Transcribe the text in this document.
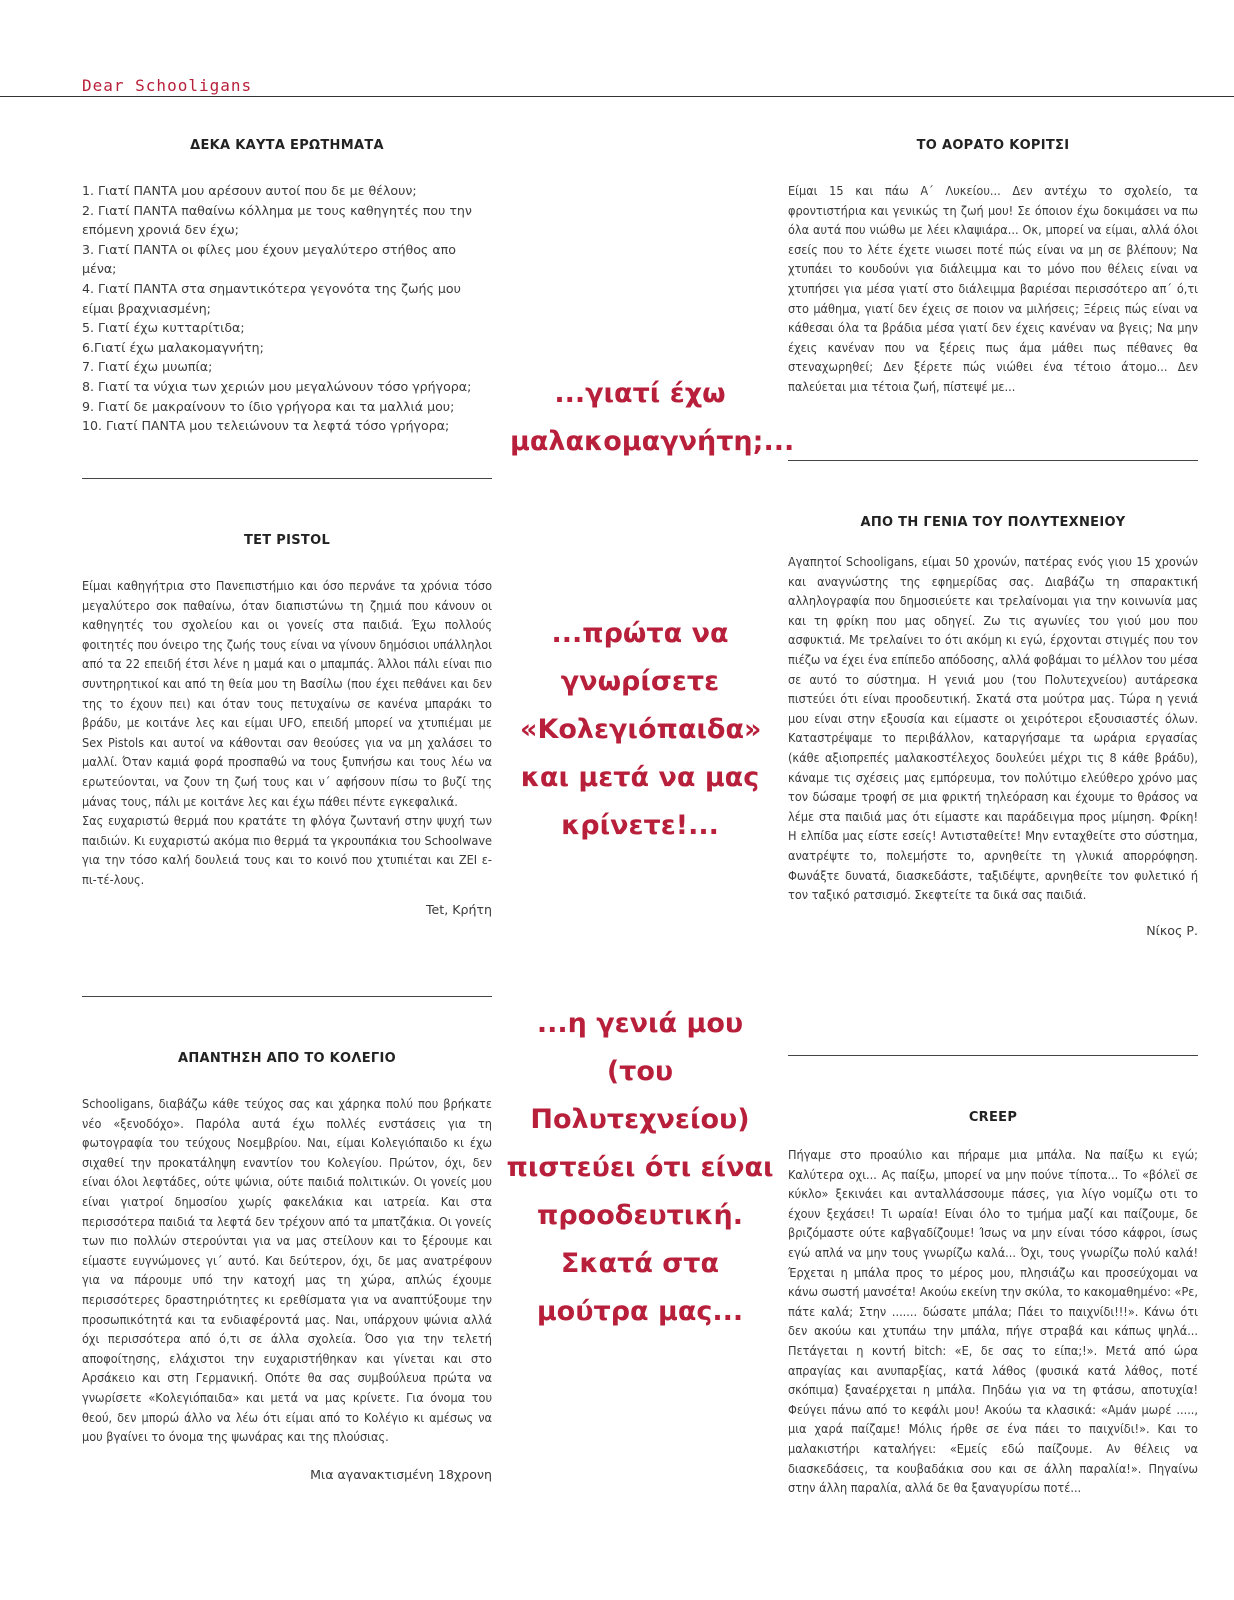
Dear Schooligans
ΔΕΚΑ ΚΑΥΤΑ ΕΡΩΤΗΜΑΤΑ
1. Γιατί ΠΑΝΤΑ μου αρέσουν αυτοί που δε με θέλουν;
2. Γιατί ΠΑΝΤΑ παθαίνω κόλλημα με τους καθηγητές που την επόμενη χρονιά δεν έχω;
3. Γιατί ΠΑΝΤΑ οι φίλες μου έχουν μεγαλύτερο στήθος απο μένα;
4. Γιατί ΠΑΝΤΑ στα σημαντικότερα γεγονότα της ζωής μου είμαι βραχνιασμένη;
5. Γιατί έχω κυτταρίτιδα;
6.Γιατί έχω μαλακομαγνήτη;
7. Γιατί έχω μυωπία;
8. Γιατί τα νύχια των χεριών μου μεγαλώνουν τόσο γρήγορα;
9. Γιατί δε μακραίνουν το ίδιο γρήγορα και τα μαλλιά μου;
10. Γιατί ΠΑΝΤΑ μου τελειώνουν τα λεφτά τόσο γρήγορα;
TET PISTOL

Είμαι καθηγήτρια στο Πανεπιστήμιο και όσο περνάνε τα χρόνια τόσο μεγαλύτερο σοκ παθαίνω, όταν διαπιστώνω τη ζημιά που κάνουν οι καθηγητές του σχολείου και οι γονείς στα παιδιά. Έχω πολλούς φοιτητές που όνειρο της ζωής τους είναι να γίνουν δημόσιοι υπάλληλοι από τα 22 επειδή έτσι λένε η μαμά και ο μπαμπάς. Άλλοι πάλι είναι πιο συντηρητικοί και από τη θεία μου τη Βασίλω (που έχει πεθάνει και δεν της το έχουν πει) και όταν τους πετυχαίνω σε κανένα μπαράκι το βράδυ, με κοιτάνε λες και είμαι UFO, επειδή μπορεί να χτυπιέμαι με Sex Pistols και αυτοί να κάθονται σαν θεούσες για να μη χαλάσει το μαλλί. Όταν καμιά φορά προσπαθώ να τους ξυπνήσω και τους λέω να ερωτεύονται, να ζουν τη ζωή τους και ν΄ αφήσουν πίσω το βυζί της μάνας τους, πάλι με κοιτάνε λες και έχω πάθει πέντε εγκεφαλικά.

Σας ευχαριστώ θερμά που κρατάτε τη φλόγα ζωντανή στην ψυχή των παιδιών. Κι ευχαριστώ ακόμα πιο θερμά τα γκρουπάκια του Schoolwave για την τόσο καλή δουλειά τους και το κοινό που χτυπιέται και ΖΕΙ ε-πι-τέ-λους.

Tet, Κρήτη
ΑΠΑΝΤΗΣΗ ΑΠΟ ΤΟ ΚΟΛΕΓΙΟ
Schooligans, διαβάζω κάθε τεύχος σας και χάρηκα πολύ που βρήκατε νέο «ξενοδόχο». Παρόλα αυτά έχω πολλές ενστάσεις για τη φωτογραφία του τεύχους Νοεμβρίου. Ναι, είμαι Κολεγιόπαιδο κι έχω σιχαθεί την προκατάληψη εναντίον του Κολεγίου. Πρώτον, όχι, δεν είναι όλοι λεφτάδες, ούτε ψώνια, ούτε παιδιά πολιτικών. Οι γονείς μου είναι γιατροί δημοσίου χωρίς φακελάκια και ιατρεία. Και στα περισσότερα παιδιά τα λεφτά δεν τρέχουν από τα μπατζάκια. Οι γονείς των πιο πολλών στερούνται για να μας στείλουν και το ξέρουμε και είμαστε ευγνώμονες γι΄ αυτό. Και δεύτερον, όχι, δε μας ανατρέφουν για να πάρουμε υπό την κατοχή μας τη χώρα, απλώς έχουμε περισσότερες δραστηριότητες κι ερεθίσματα για να αναπτύξουμε την προσωπικότητά και τα ενδιαφέροντά μας. Ναι, υπάρχουν ψώνια αλλά όχι περισσότερα από ό,τι σε άλλα σχολεία. Όσο για την τελετή αποφοίτησης, ελάχιστοι την ευχαριστήθηκαν και γίνεται και στο Αρσάκειο και στη Γερμανική. Οπότε θα σας συμβούλευα πρώτα να γνωρίσετε «Κολεγιόπαιδα» και μετά να μας κρίνετε. Για όνομα του θεού, δεν μπορώ άλλο να λέω ότι είμαι από το Κολέγιο κι αμέσως να μου βγαίνει το όνομα της ψωνάρας και της πλούσιας.
Μια αγανακτισμένη 18χρονη
...γιατί έχω μαλακομαγνήτη;...
...πρώτα να γνωρίσετε «Κολεγιόπαιδα» και μετά να μας κρίνετε!...
...η γενιά μου (του Πολυτεχνείου) πιστεύει ότι είναι προοδευτική. Σκατά στα μούτρα μας...
ΤΟ ΑΟΡΑΤΟ ΚΟΡΙΤΣΙ
Είμαι 15 και πάω Α΄ Λυκείου... Δεν αντέχω το σχολείο, τα φροντιστήρια και γενικώς τη ζωή μου! Σε όποιον έχω δοκιμάσει να πω όλα αυτά που νιώθω με λέει κλαψιάρα... Οκ, μπορεί να είμαι, αλλά όλοι εσείς που το λέτε έχετε νιωσει ποτέ πώς είναι να μη σε βλέπουν; Να χτυπάει το κουδούνι για διάλειμμα και το μόνο που θέλεις είναι να χτυπήσει για μέσα γιατί στο διάλειμμα βαριέσαι περισσότερο απ΄ ό,τι στο μάθημα, γιατί δεν έχεις σε ποιον να μιλήσεις; Ξέρεις πώς είναι να κάθεσαι όλα τα βράδια μέσα γιατί δεν έχεις κανέναν να βγεις; Να μην έχεις κανέναν που να ξέρεις πως άμα μάθει πως πέθανες θα στεναχωρηθεί; Δεν ξέρετε πώς νιώθει ένα τέτοιο άτομο... Δεν παλεύεται μια τέτοια ζωή, πίστεψέ με...
ΑΠΟ ΤΗ ΓΕΝΙΑ ΤΟΥ ΠΟΛΥΤΕΧΝΕΙΟΥ
Αγαπητοί Schooligans, είμαι 50 χρονών, πατέρας ενός γιου 15 χρονών και αναγνώστης της εφημερίδας σας. Διαβάζω τη σπαρακτική αλληλογραφία που δημοσιεύετε και τρελαίνομαι για την κοινωνία μας και τη φρίκη που μας οδηγεί. Ζω τις αγωνίες του γιού μου που ασφυκτιά. Με τρελαίνει το ότι ακόμη κι εγώ, έρχονται στιγμές που τον πιέζω να έχει ένα επίπεδο απόδοσης, αλλά φοβάμαι το μέλλον του μέσα σε αυτό το σύστημα. Η γενιά μου (του Πολυτεχνείου) αυτάρεσκα πιστεύει ότι είναι προοδευτική. Σκατά στα μούτρα μας. Τώρα η γενιά μου είναι στην εξουσία και είμαστε οι χειρότεροι εξουσιαστές όλων. Καταστρέψαμε το περιβάλλον, καταργήσαμε τα ωράρια εργασίας (κάθε αξιοπρεπές μαλακοστέλεχος δουλεύει μέχρι τις 8 κάθε βράδυ), κάναμε τις σχέσεις μας εμπόρευμα, τον πολύτιμο ελεύθερο χρόνο μας τον δώσαμε τροφή σε μια φρικτή τηλεόραση και έχουμε το θράσος να λέμε στα παιδιά μας ότι είμαστε και παράδειγμα προς μίμηση. Φρίκη! Η ελπίδα μας είστε εσείς! Αντισταθείτε! Μην ενταχθείτε στο σύστημα, ανατρέψτε το, πολεμήστε το, αρνηθείτε τη γλυκιά απορρόφηση. Φωνάξτε δυνατά, διασκεδάστε, ταξιδέψτε, αρνηθείτε τον φυλετικό ή τον ταξικό ρατσισμό. Σκεφτείτε τα δικά σας παιδιά.
Νίκος Ρ.
CREEP
Πήγαμε στο προαύλιο και πήραμε μια μπάλα. Να παίξω κι εγώ; Καλύτερα οχι... Ας παίξω, μπορεί να μην πούνε τίποτα... Το «βόλεϊ σε κύκλο» ξεκινάει και ανταλλάσσουμε πάσες, για λίγο νομίζω οτι το έχουν ξεχάσει! Τι ωραία! Είναι όλο το τμήμα μαζί και παίζουμε, δε βριζόμαστε ούτε καβγαδίζουμε! Ίσως να μην είναι τόσο κάφροι, ίσως εγώ απλά να μην τους γνωρίζω καλά... Όχι, τους γνωρίζω πολύ καλά! Έρχεται η μπάλα προς το μέρος μου, πλησιάζω και προσεύχομαι να κάνω σωστή μανσέτα! Ακούω εκείνη την σκύλα, το κακομαθημένο: «Ρε, πάτε καλά; Στην ....... δώσατε μπάλα; Πάει το παιχνίδι!!!». Κάνω ότι δεν ακούω και χτυπάω την μπάλα, πήγε στραβά και κάπως ψηλά... Πετάγεται η κοντή bitch: «Ε, δε σας το είπα;!». Μετά από ώρα απραγίας και ανυπαρξίας, κατά λάθος (φυσικά κατά λάθος, ποτέ σκόπιμα) ξαναέρχεται η μπάλα. Πηδάω για να τη φτάσω, αποτυχία! Φεύγει πάνω από το κεφάλι μου! Ακούω τα κλασικά: «Αμάν μωρέ ....., μια χαρά παίζαμε! Μόλις ήρθε σε ένα πάει το παιχνίδι!». Και το μαλακιστήρι καταλήγει: «Εμείς εδώ παίζουμε. Αν θέλεις να διασκεδάσεις, τα κουβαδάκια σου και σε άλλη παραλία!». Πηγαίνω στην άλλη παραλία, αλλά δε θα ξαναγυρίσω ποτέ...
